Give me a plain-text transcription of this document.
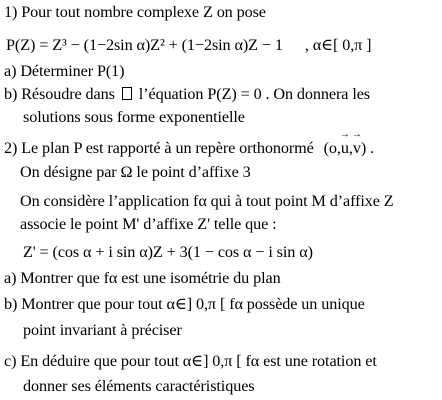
1) Pour tout nombre complexe Z on pose
P(Z) = Z³ − (1−2sin α)Z² + (1−2sin α)Z − 1 , α∈[ 0,π ]
a) Déterminer P(1)
b) Résoudre dans l’équation P(Z) = 0 . On donnera les
solutions sous forme exponentielle
2) Le plan P est rapporté à un repère orthonormé (o,→ u,→ v) .
On désigne par Ω le point d’affixe 3
On considère l’application fα qui à tout point M d’affixe Z
associe le point M' d’affixe Z' telle que :
Z' = (cos α + i sin α)Z + 3(1 − cos α − i sin α)
a) Montrer que fα est une isométrie du plan
b) Montrer que pour tout α∈] 0,π [ fα possède un unique
point invariant à préciser
c) En déduire que pour tout α∈] 0,π [ fα est une rotation et
donner ses éléments caractéristiques
